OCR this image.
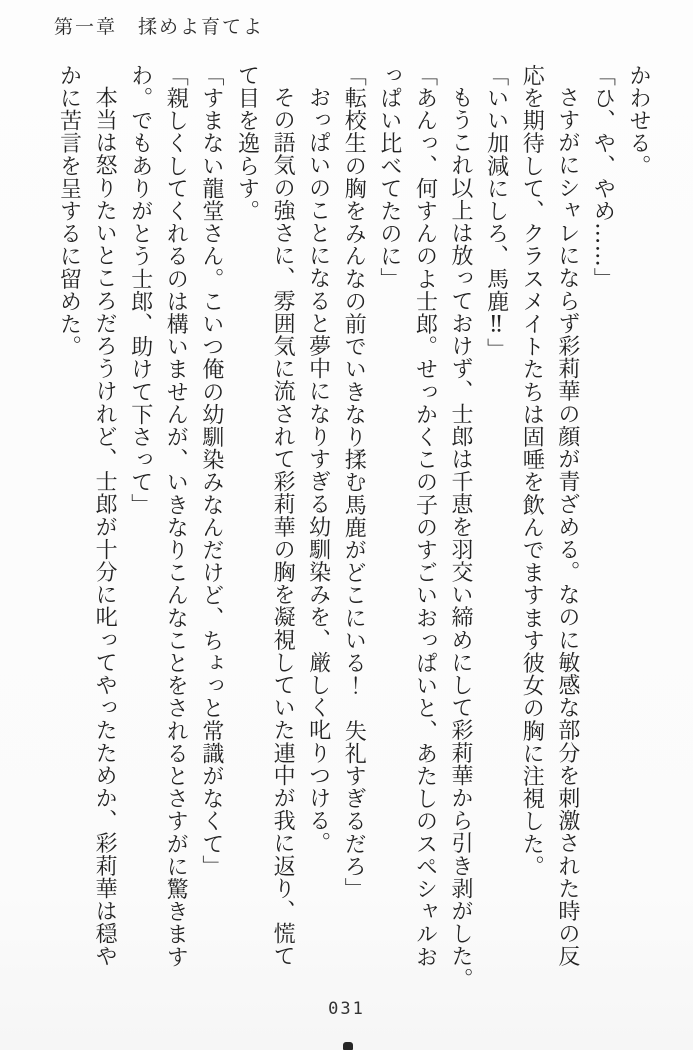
第一章　揉めよ育てよ

かわせる。

「ひ、や、やめ……」

さすがにシャレにならず彩莉華の顔が青ざめる。なのに敏感な部分を刺激された時の反

応を期待して、クラスメイトたちは固唾を飲んでますます彼女の胸に注視した。

「いい加減にしろ、馬鹿‼」

もうこれ以上は放っておけず、士郎は千恵を羽交い締めにして彩莉華から引き剥がした。

「あんっ、何すんのよ士郎。せっかくこの子のすごいおっぱいと、あたしのスペシャルお

っぱい比べてたのに」

「転校生の胸をみんなの前でいきなり揉む馬鹿がどこにいる！　失礼すぎるだろ」

おっぱいのことになると夢中になりすぎる幼馴染みを、厳しく叱りつける。

その語気の強さに、雰囲気に流されて彩莉華の胸を凝視していた連中が我に返り、慌て

て目を逸らす。

「すまない龍堂さん。こいつ俺の幼馴染みなんだけど、ちょっと常識がなくて」

「親しくしてくれるのは構いませんが、いきなりこんなことをされるとさすがに驚きます

わ。でもありがとう士郎、助けて下さって」

本当は怒りたいところだろうけれど、士郎が十分に叱ってやったためか、彩莉華は穏や

かに苦言を呈するに留めた。

031
